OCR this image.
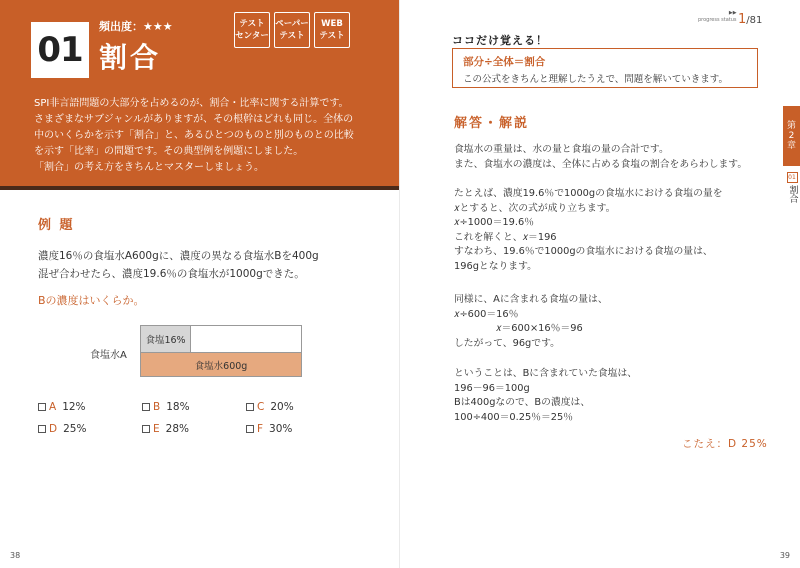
01
頻出度：★★★
割合
テスト
センター
ペーパー
テスト
WEB
テスト

SPI非言語問題の大部分を占めるのが、割合・比率に関する計算です。

さまざまなサブジャンルがありますが、その根幹はどれも同じ。全体の

中のいくらかを示す「割合」と、あるひとつのものと別のものとの比較

を示す「比率」の問題です。その典型例を例題にしました。

「割合」の考え方をきちんとマスターしましょう。

例 題

濃度16％の食塩水A600gに、濃度の異なる食塩水Bを400g

混ぜ合わせたら、濃度19.6％の食塩水が1000gできた。

Bの濃度はいくらか。
食塩水A
食塩16%
食塩水600g
A 12%	B 18%	C 20%
D 25%	E 28%	F 30%
38
▶▶
progress status 1/81
ココだけ覚える！
部分÷全体＝割合
この公式をきちんと理解したうえで、問題を解いていきます。
解答・解説

食塩水の重量は、水の量と食塩の量の合計です。

また、食塩水の濃度は、全体に占める食塩の割合をあらわします。

たとえば、濃度19.6％で1000gの食塩水における食塩の量を

𝑥とすると、次の式が成り立ちます。

𝑥÷1000＝19.6％

これを解くと、𝑥＝196

すなわち、19.6％で1000gの食塩水における食塩の量は、

196gとなります。

同様に、Aに含まれる食塩の量は、

𝑥÷600＝16％

𝑥＝600×16％＝96

したがって、96gです。

ということは、Bに含まれていた食塩は、

196－96＝100g

Bは400gなので、Bの濃度は、

100÷400＝0.25％＝25％

こたえ：D 25%
第
2
章
01
割合
39
